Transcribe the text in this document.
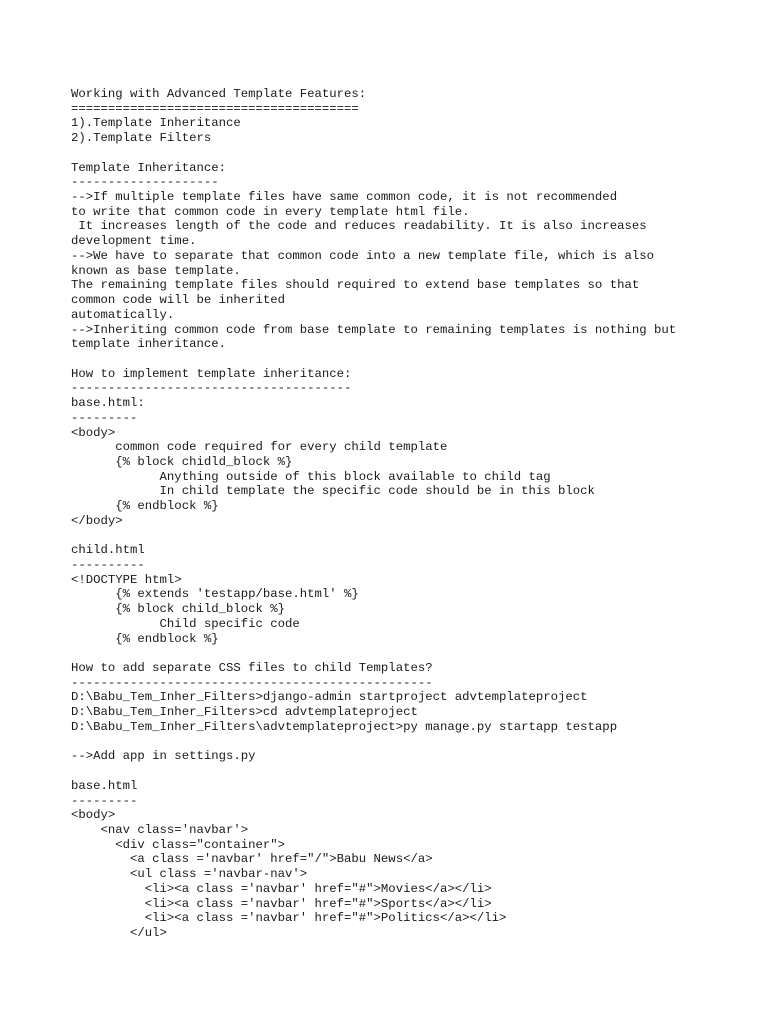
Working with Advanced Template Features:
=======================================
1).Template Inheritance
2).Template Filters
Template Inheritance:
--------------------
-->If multiple template files have same common code, it is not recommended
to write that common code in every template html file.
It increases length of the code and reduces readability. It is also increases
development time.
-->We have to separate that common code into a new template file, which is also
known as base template.
The remaining template files should required to extend base templates so that
common code will be inherited
automatically.
-->Inheriting common code from base template to remaining templates is nothing but
template inheritance.
How to implement template inheritance:
--------------------------------------
base.html:
---------
<body>
common code required for every child template
{% block chidld_block %}
Anything outside of this block available to child tag
In child template the specific code should be in this block
{% endblock %}
</body>
child.html
----------
<!DOCTYPE html>
{% extends 'testapp/base.html' %}
{% block child_block %}
Child specific code
{% endblock %}
How to add separate CSS files to child Templates?
-------------------------------------------------
D:\Babu_Tem_Inher_Filters>django-admin startproject advtemplateproject
D:\Babu_Tem_Inher_Filters>cd advtemplateproject
D:\Babu_Tem_Inher_Filters\advtemplateproject>py manage.py startapp testapp
-->Add app in settings.py
base.html
---------
<body>
<nav class='navbar'>
<div class="container">
<a class ='navbar' href="/">Babu News</a>
<ul class ='navbar-nav'>
<li><a class ='navbar' href="#">Movies</a></li>
<li><a class ='navbar' href="#">Sports</a></li>
<li><a class ='navbar' href="#">Politics</a></li>
</ul>
